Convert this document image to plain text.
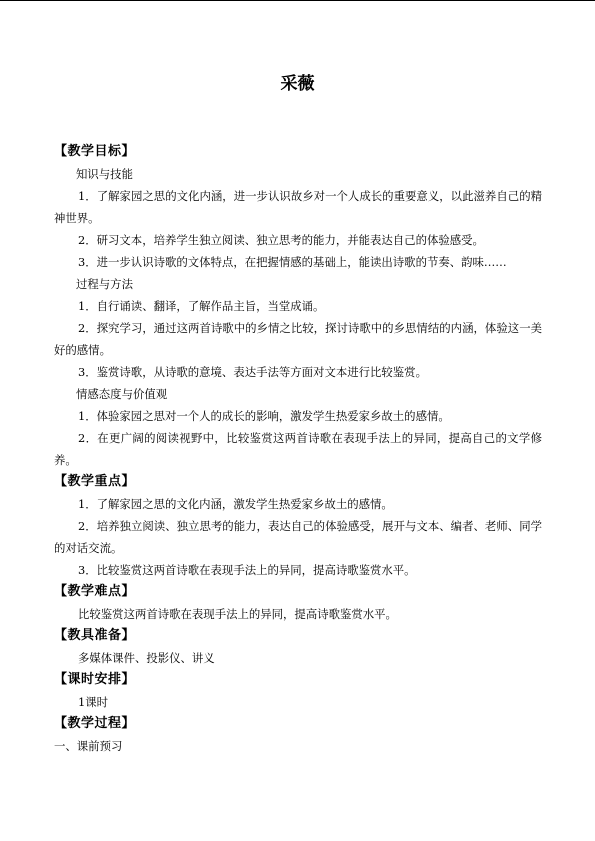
采薇
【教学目标】
知识与技能
1．了解家园之思的文化内涵，进一步认识故乡对一个人成长的重要意义，以此滋养自己的精神世界。
2．研习文本，培养学生独立阅读、独立思考的能力，并能表达自己的体验感受。
3．进一步认识诗歌的文体特点，在把握情感的基础上，能读出诗歌的节奏、韵味……
过程与方法
1．自行诵读、翻译，了解作品主旨，当堂成诵。
2．探究学习，通过这两首诗歌中的乡情之比较，探讨诗歌中的乡思情结的内涵，体验这一美好的感情。
3．鉴赏诗歌，从诗歌的意境、表达手法等方面对文本进行比较鉴赏。
情感态度与价值观
1．体验家园之思对一个人的成长的影响，激发学生热爱家乡故土的感情。
2．在更广阔的阅读视野中，比较鉴赏这两首诗歌在表现手法上的异同，提高自己的文学修养。
【教学重点】
1．了解家园之思的文化内涵，激发学生热爱家乡故土的感情。
2．培养独立阅读、独立思考的能力，表达自己的体验感受，展开与文本、编者、老师、同学的对话交流。
3．比较鉴赏这两首诗歌在表现手法上的异同，提高诗歌鉴赏水平。
【教学难点】
比较鉴赏这两首诗歌在表现手法上的异同，提高诗歌鉴赏水平。
【教具准备】
多媒体课件、投影仪、讲义
【课时安排】
1课时
【教学过程】
一、课前预习
